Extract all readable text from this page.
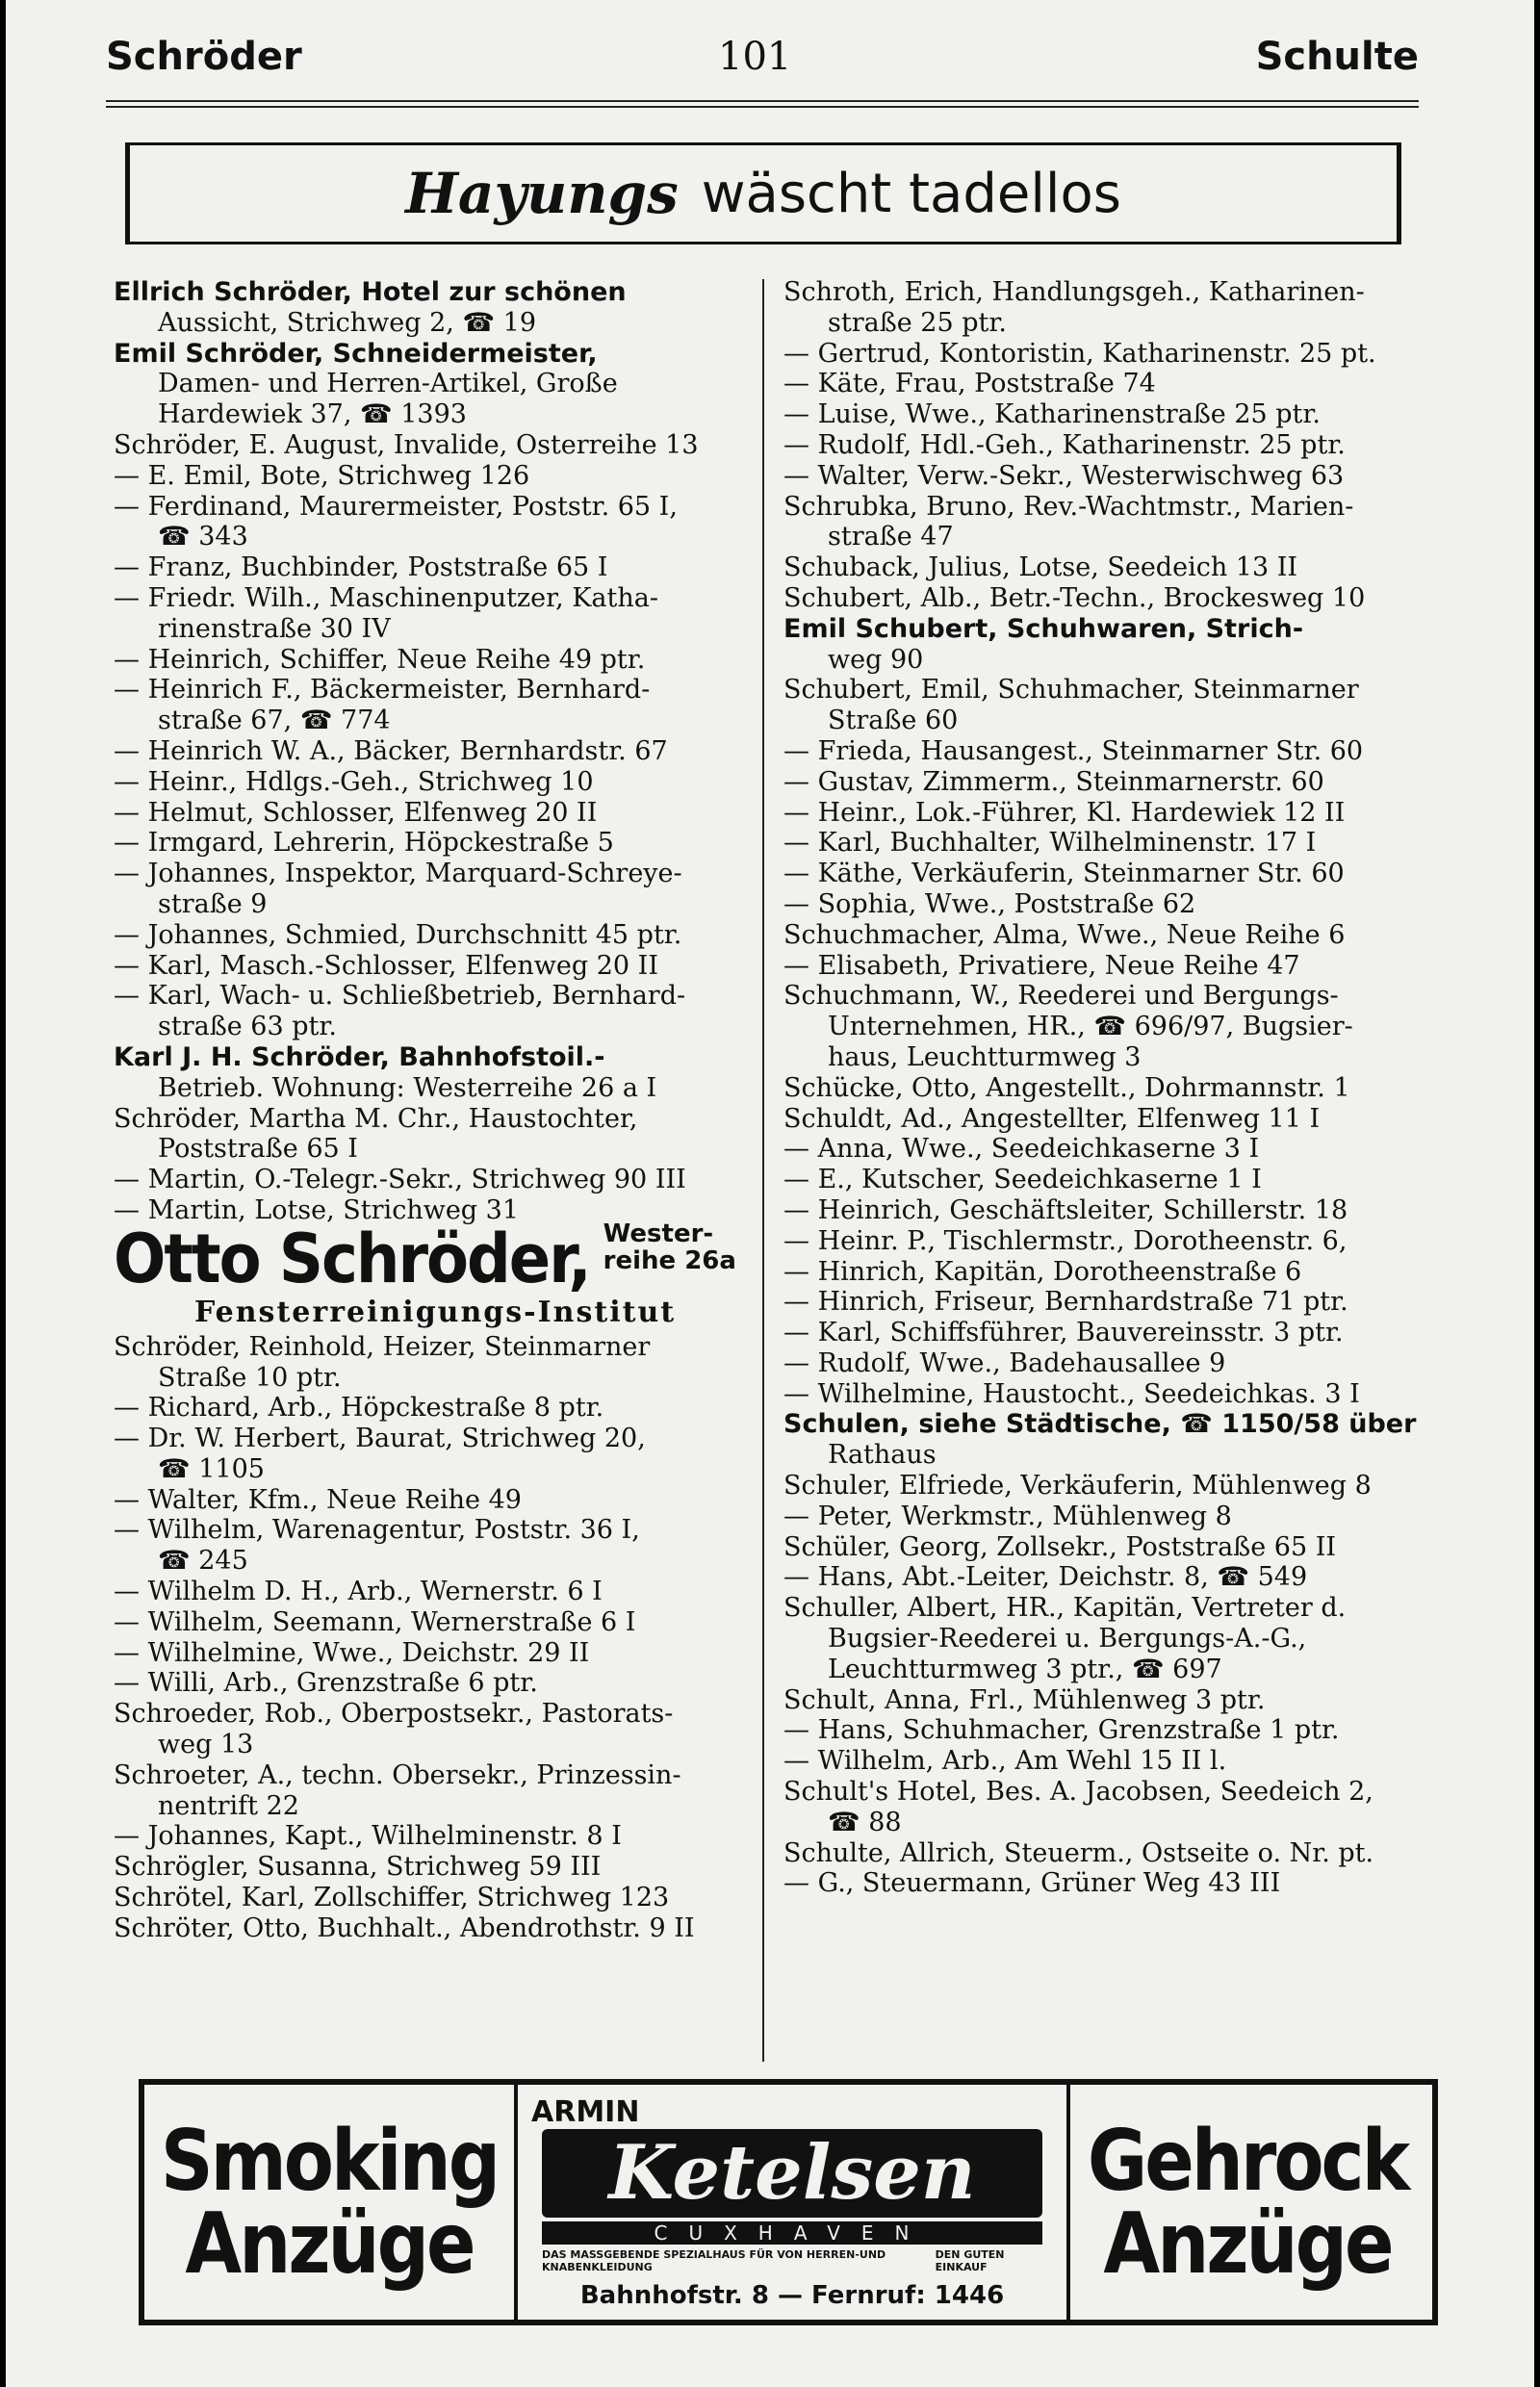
Schröder	101	Schulte
Hayungs wäscht tadellos
Ellrich Schröder, Hotel zur schönen
Aussicht, Strichweg 2, ☎ 19
Emil Schröder, Schneidermeister,
Damen- und Herren-Artikel, Große
Hardewiek 37, ☎ 1393
Schröder, E. August, Invalide, Osterreihe 13
— E. Emil, Bote, Strichweg 126
— Ferdinand, Maurermeister, Poststr. 65 I,
☎ 343
— Franz, Buchbinder, Poststraße 65 I
— Friedr. Wilh., Maschinenputzer, Katha-
rinenstraße 30 IV
— Heinrich, Schiffer, Neue Reihe 49 ptr.
— Heinrich F., Bäckermeister, Bernhard-
straße 67, ☎ 774
— Heinrich W. A., Bäcker, Bernhardstr. 67
— Heinr., Hdlgs.-Geh., Strichweg 10
— Helmut, Schlosser, Elfenweg 20 II
— Irmgard, Lehrerin, Höpckestraße 5
— Johannes, Inspektor, Marquard-Schreye-
straße 9
— Johannes, Schmied, Durchschnitt 45 ptr.
— Karl, Masch.-Schlosser, Elfenweg 20 II
— Karl, Wach- u. Schließbetrieb, Bernhard-
straße 63 ptr.
Karl J. H. Schröder, Bahnhofstoil.-
Betrieb. Wohnung: Westerreihe 26 a I
Schröder, Martha M. Chr., Haustochter,
Poststraße 65 I
— Martin, O.-Telegr.-Sekr., Strichweg 90 III
— Martin, Lotse, Strichweg 31
Otto Schröder, Wester-
reihe 26a
Fensterreinigungs-Institut
Schröder, Reinhold, Heizer, Steinmarner
Straße 10 ptr.
— Richard, Arb., Höpckestraße 8 ptr.
— Dr. W. Herbert, Baurat, Strichweg 20,
☎ 1105
— Walter, Kfm., Neue Reihe 49
— Wilhelm, Warenagentur, Poststr. 36 I,
☎ 245
— Wilhelm D. H., Arb., Wernerstr. 6 I
— Wilhelm, Seemann, Wernerstraße 6 I
— Wilhelmine, Wwe., Deichstr. 29 II
— Willi, Arb., Grenzstraße 6 ptr.
Schroeder, Rob., Oberpostsekr., Pastorats-
weg 13
Schroeter, A., techn. Obersekr., Prinzessin-
nentrift 22
— Johannes, Kapt., Wilhelminenstr. 8 I
Schrögler, Susanna, Strichweg 59 III
Schrötel, Karl, Zollschiffer, Strichweg 123
Schröter, Otto, Buchhalt., Abendrothstr. 9 II
Schroth, Erich, Handlungsgeh., Katharinen-
straße 25 ptr.
— Gertrud, Kontoristin, Katharinenstr. 25 pt.
— Käte, Frau, Poststraße 74
— Luise, Wwe., Katharinenstraße 25 ptr.
— Rudolf, Hdl.-Geh., Katharinenstr. 25 ptr.
— Walter, Verw.-Sekr., Westerwischweg 63
Schrubka, Bruno, Rev.-Wachtmstr., Marien-
straße 47
Schuback, Julius, Lotse, Seedeich 13 II
Schubert, Alb., Betr.-Techn., Brockesweg 10
Emil Schubert, Schuhwaren, Strich-
weg 90
Schubert, Emil, Schuhmacher, Steinmarner
Straße 60
— Frieda, Hausangest., Steinmarner Str. 60
— Gustav, Zimmerm., Steinmarnerstr. 60
— Heinr., Lok.-Führer, Kl. Hardewiek 12 II
— Karl, Buchhalter, Wilhelminenstr. 17 I
— Käthe, Verkäuferin, Steinmarner Str. 60
— Sophia, Wwe., Poststraße 62
Schuchmacher, Alma, Wwe., Neue Reihe 6
— Elisabeth, Privatiere, Neue Reihe 47
Schuchmann, W., Reederei und Bergungs-
Unternehmen, HR., ☎ 696/97, Bugsier-
haus, Leuchtturmweg 3
Schücke, Otto, Angestellt., Dohrmannstr. 1
Schuldt, Ad., Angestellter, Elfenweg 11 I
— Anna, Wwe., Seedeichkaserne 3 I
— E., Kutscher, Seedeichkaserne 1 I
— Heinrich, Geschäftsleiter, Schillerstr. 18
— Heinr. P., Tischlermstr., Dorotheenstr. 6,
— Hinrich, Kapitän, Dorotheenstraße 6
— Hinrich, Friseur, Bernhardstraße 71 ptr.
— Karl, Schiffsführer, Bauvereinsstr. 3 ptr.
— Rudolf, Wwe., Badehausallee 9
— Wilhelmine, Haustocht., Seedeichkas. 3 I
Schulen, siehe Städtische, ☎ 1150/58 über
Rathaus
Schuler, Elfriede, Verkäuferin, Mühlenweg 8
— Peter, Werkmstr., Mühlenweg 8
Schüler, Georg, Zollsekr., Poststraße 65 II
— Hans, Abt.-Leiter, Deichstr. 8, ☎ 549
Schuller, Albert, HR., Kapitän, Vertreter d.
Bugsier-Reederei u. Bergungs-A.-G.,
Leuchtturmweg 3 ptr., ☎ 697
Schult, Anna, Frl., Mühlenweg 3 ptr.
— Hans, Schuhmacher, Grenzstraße 1 ptr.
— Wilhelm, Arb., Am Wehl 15 II l.
Schult's Hotel, Bes. A. Jacobsen, Seedeich 2,
☎ 88
Schulte, Allrich, Steuerm., Ostseite o. Nr. pt.
— G., Steuermann, Grüner Weg 43 III
Smoking
Anzüge
ARMIN
Ketelsen
CUXHAVEN
DAS MASSGEBENDE SPEZIALHAUS FÜR VON HERREN-UND KNABENKLEIDUNG
DEN GUTEN EINKAUF
Bahnhofstr. 8 — Fernruf: 1446
Gehrock
Anzüge
